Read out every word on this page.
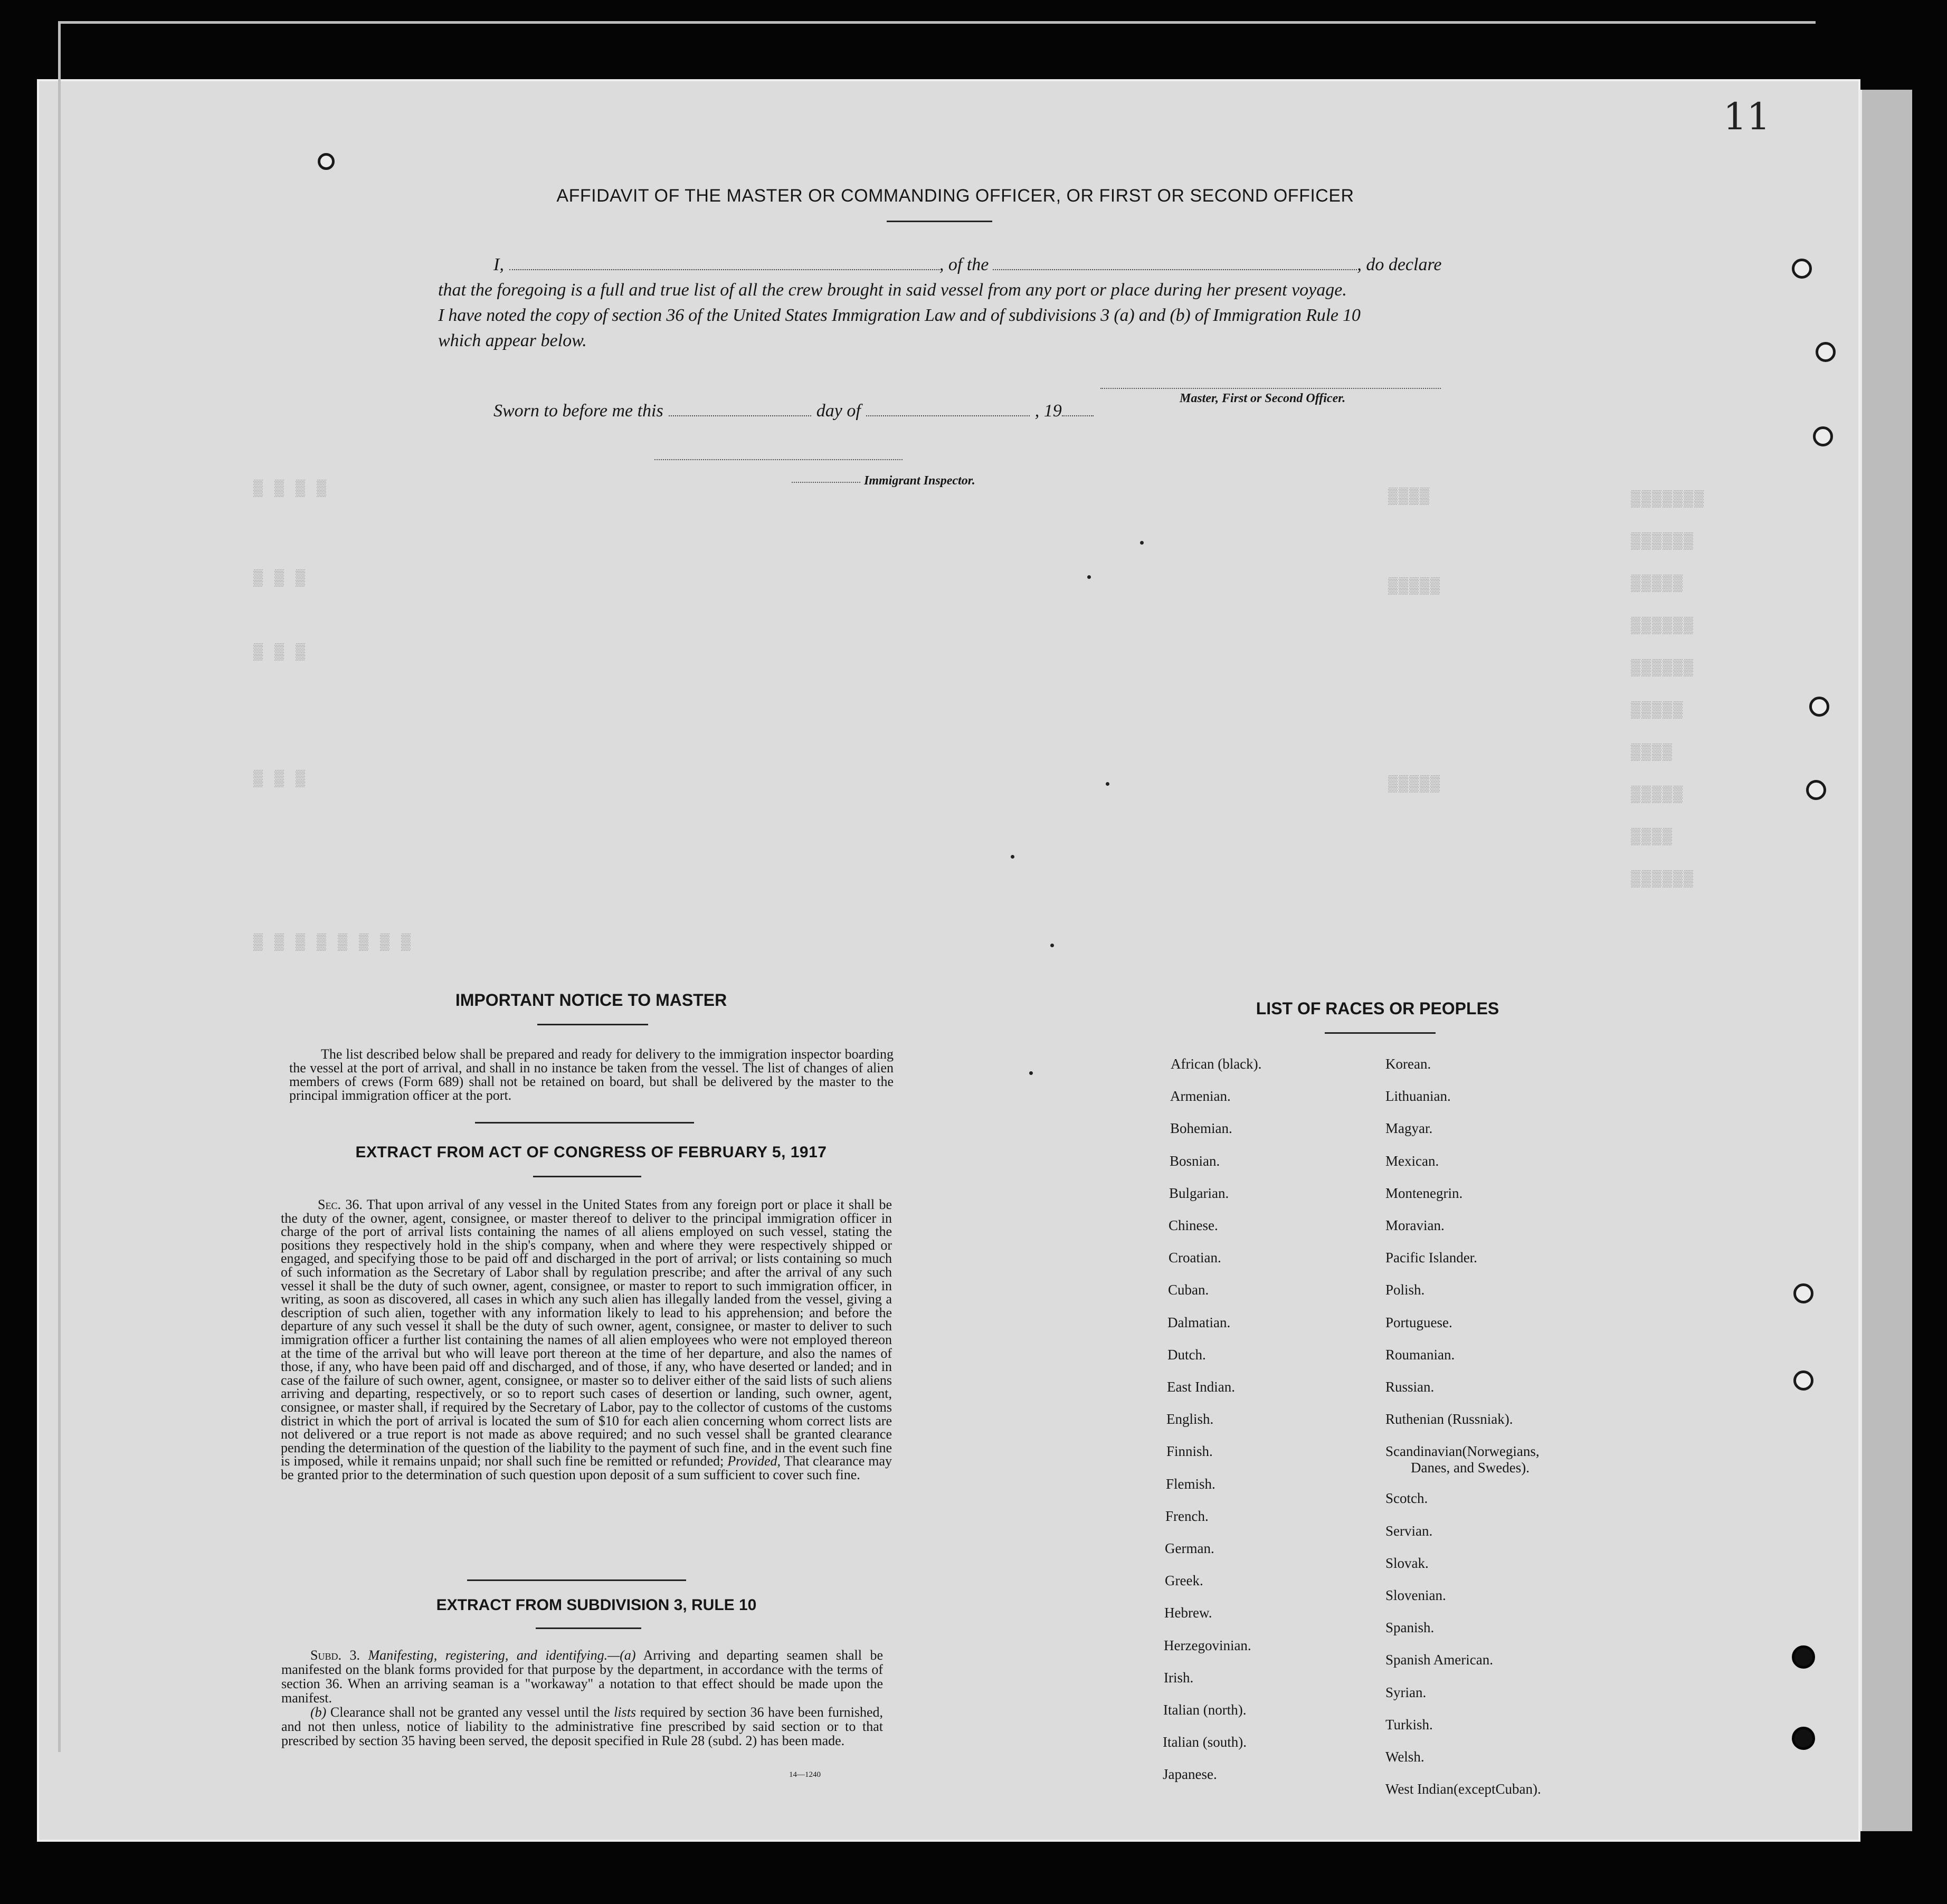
11
▒▒▒▒▒▒▒
▒▒▒▒▒▒
▒▒▒▒▒
▒▒▒▒▒▒
▒▒▒▒▒▒
▒▒▒▒▒
▒▒▒▒
▒▒▒▒▒
▒▒▒▒
▒▒▒▒▒▒
▒ ▒ ▒ ▒
▒ ▒ ▒
▒ ▒ ▒
▒ ▒ ▒
▒ ▒ ▒ ▒ ▒ ▒ ▒ ▒
▒▒▒▒
▒▒▒▒▒
▒▒▒▒▒
AFFIDAVIT OF THE MASTER OR COMMANDING OFFICER, OR FIRST OR SECOND OFFICER
I,	, of the	, do declare
that the foregoing is a full and true list of all the crew brought in said vessel from any port or place during her present voyage.
I have noted the copy of section 36 of the United States Immigration Law and of subdivisions 3 (a) and (b) of Immigration Rule 10
which appear below.
Master, First or Second Officer.
Sworn to before me this	day of	, 19
Immigrant Inspector.
IMPORTANT NOTICE TO MASTER
The list described below shall be prepared and ready for delivery to the immigration inspector boarding the vessel at the port of arrival, and shall in no instance be taken from the vessel. The list of changes of alien members of crews (Form 689) shall not be retained on board, but shall be delivered by the master to the principal immigration officer at the port.
EXTRACT FROM ACT OF CONGRESS OF FEBRUARY 5, 1917
Sec. 36. That upon arrival of any vessel in the United States from any foreign port or place it shall be the duty of the owner, agent, consignee, or master thereof to deliver to the principal immigration officer in charge of the port of arrival lists containing the names of all aliens employed on such vessel, stating the positions they respectively hold in the ship's company, when and where they were respectively shipped or engaged, and specifying those to be paid off and discharged in the port of arrival; or lists containing so much of such information as the Secretary of Labor shall by regulation prescribe; and after the arrival of any such vessel it shall be the duty of such owner, agent, consignee, or master to report to such immigration officer, in writing, as soon as discovered, all cases in which any such alien has illegally landed from the vessel, giving a description of such alien, together with any information likely to lead to his apprehension; and before the departure of any such vessel it shall be the duty of such owner, agent, consignee, or master to deliver to such immigration officer a further list containing the names of all alien employees who were not employed thereon at the time of the arrival but who will leave port thereon at the time of her departure, and also the names of those, if any, who have been paid off and discharged, and of those, if any, who have deserted or landed; and in case of the failure of such owner, agent, consignee, or master so to deliver either of the said lists of such aliens arriving and departing, respectively, or so to report such cases of desertion or landing, such owner, agent, consignee, or master shall, if required by the Secretary of Labor, pay to the collector of customs of the customs district in which the port of arrival is located the sum of $10 for each alien concerning whom correct lists are not delivered or a true report is not made as above required; and no such vessel shall be granted clearance pending the determination of the question of the liability to the payment of such fine, and in the event such fine is imposed, while it remains unpaid; nor shall such fine be remitted or refunded; Provided, That clearance may be granted prior to the determination of such question upon deposit of a sum sufficient to cover such fine.
EXTRACT FROM SUBDIVISION 3, RULE 10
Subd. 3. Manifesting, registering, and identifying.—(a) Arriving and departing seamen shall be manifested on the blank forms provided for that purpose by the department, in accordance with the terms of section 36. When an arriving seaman is a "workaway" a notation to that effect should be made upon the manifest.
(b) Clearance shall not be granted any vessel until the lists required by section 36 have been furnished, and not then unless, notice of liability to the administrative fine prescribed by said section or to that prescribed by section 35 having been served, the deposit specified in Rule 28 (subd. 2) has been made.
14—1240
LIST OF RACES OR PEOPLES
African (black).
Armenian.
Bohemian.
Bosnian.
Bulgarian.
Chinese.
Croatian.
Cuban.
Dalmatian.
Dutch.
East Indian.
English.
Finnish.
Flemish.
French.
German.
Greek.
Hebrew.
Herzegovinian.
Irish.
Italian (north).
Italian (south).
Japanese.
Korean.
Lithuanian.
Magyar.
Mexican.
Montenegrin.
Moravian.
Pacific Islander.
Polish.
Portuguese.
Roumanian.
Russian.
Ruthenian (Russniak).
Scandinavian(Norwegians,
Danes, and Swedes).
Scotch.
Servian.
Slovak.
Slovenian.
Spanish.
Spanish American.
Syrian.
Turkish.
Welsh.
West Indian(exceptCuban).
